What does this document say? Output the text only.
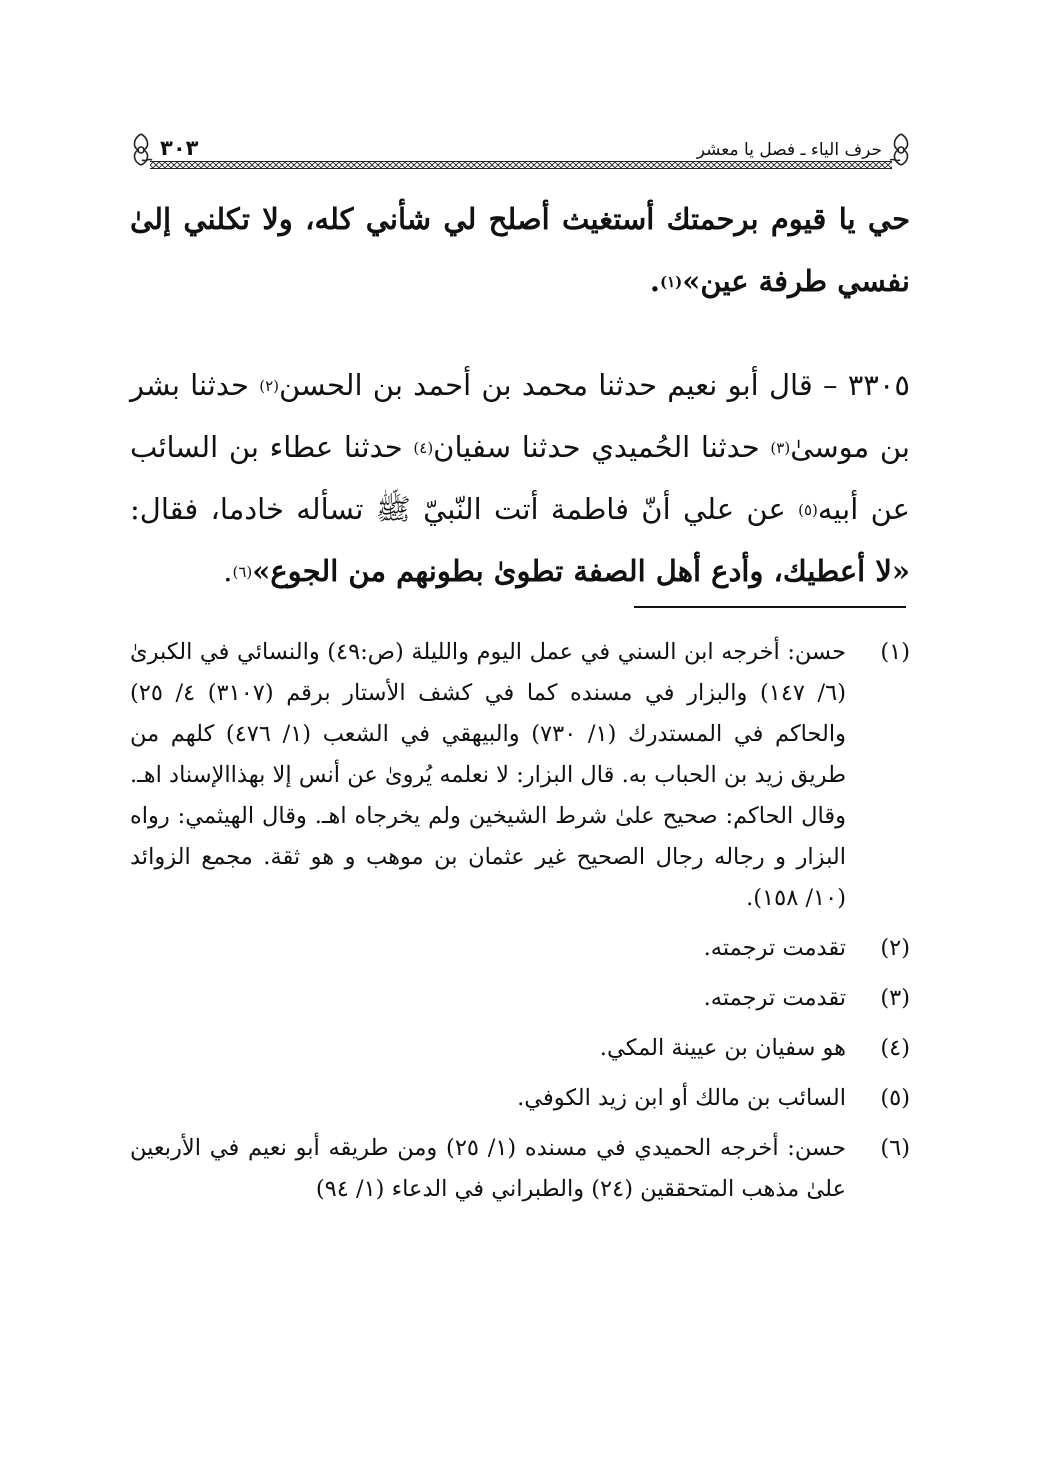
حرف الياء ـ فصل يا معشر
٣٠٣

حي يا قيوم برحمتك أستغيث أصلح لي شأني كله، ولا تكلني إلىٰ نفسي طرفة عين»$^{(١)}$.

٣٣٠٥ – قال أبو نعيم حدثنا محمد بن أحمد بن الحسن$^{(٢)}$ حدثنا بشر بن موسىٰ$^{(٣)}$ حدثنا الحُميدي حدثنا سفيان$^{(٤)}$ حدثنا عطاء بن السائب عن أبيه$^{(٥)}$ عن علي أنّ فاطمة أتت النّبيّ ﷺ تسأله خادما، فقال: «لا أعطيك، وأدع أهل الصفة تطوىٰ بطونهم من الجوع»$^{(٦)}$.

(١)
حسن: أخرجه ابن السني في عمل اليوم والليلة (ص:٤٩) والنسائي في الكبرىٰ (٦/ ١٤٧) والبزار في مسنده كما في كشف الأستار برقم (٣١٠٧) ٤/ ٢٥) والحاكم في المستدرك (١/ ٧٣٠) والبيهقي في الشعب (١/ ٤٧٦) كلهم من طريق زيد بن الحباب به. قال البزار: لا نعلمه يُروىٰ عن أنس إلا بهذاالإسناد اهـ. وقال الحاكم: صحيح علىٰ شرط الشيخين ولم يخرجاه اهـ. وقال الهيثمي: رواه البزار و رجاله رجال الصحيح غير عثمان بن موهب و هو ثقة. مجمع الزوائد (١٠/ ١٥٨).
(٢)
تقدمت ترجمته.
(٣)
تقدمت ترجمته.
(٤)
هو سفيان بن عيينة المكي.
(٥)
السائب بن مالك أو ابن زيد الكوفي.
(٦)
حسن: أخرجه الحميدي في مسنده (١/ ٢٥) ومن طريقه أبو نعيم في الأربعين علىٰ مذهب المتحققين (٢٤) والطبراني في الدعاء (١/ ٩٤)
